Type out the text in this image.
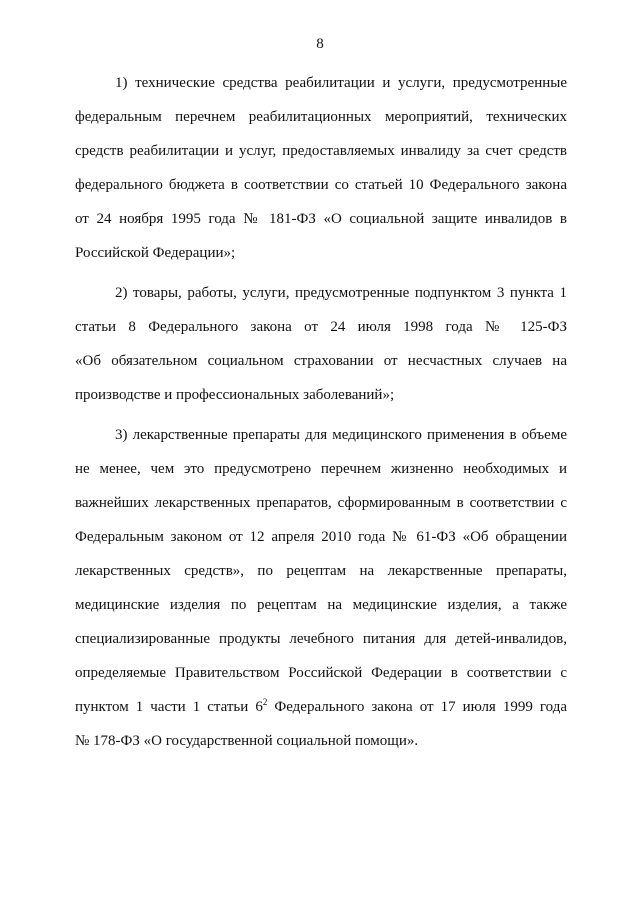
8
1) технические средства реабилитации и услуги, предусмотренные
федеральным перечнем реабилитационных мероприятий, технических
средств реабилитации и услуг, предоставляемых инвалиду за счет средств
федерального бюджета в соответствии со статьей 10 Федерального закона
от 24 ноября 1995 года № 181-ФЗ «О социальной защите инвалидов в
Российской Федерации»;
2) товары, работы, услуги, предусмотренные подпунктом 3 пункта 1
статьи 8 Федерального закона от 24 июля 1998 года № 125-ФЗ
«Об обязательном социальном страховании от несчастных случаев на
производстве и профессиональных заболеваний»;
3) лекарственные препараты для медицинского применения в объеме
не менее, чем это предусмотрено перечнем жизненно необходимых и
важнейших лекарственных препаратов, сформированным в соответствии с
Федеральным законом от 12 апреля 2010 года № 61-ФЗ «Об обращении
лекарственных средств», по рецептам на лекарственные препараты,
медицинские изделия по рецептам на медицинские изделия, а также
специализированные продукты лечебного питания для детей-инвалидов,
определяемые Правительством Российской Федерации в соответствии с
пунктом 1 части 1 статьи $6^2$ Федерального закона от 17 июля 1999 года
№ 178-ФЗ «О государственной социальной помощи».
